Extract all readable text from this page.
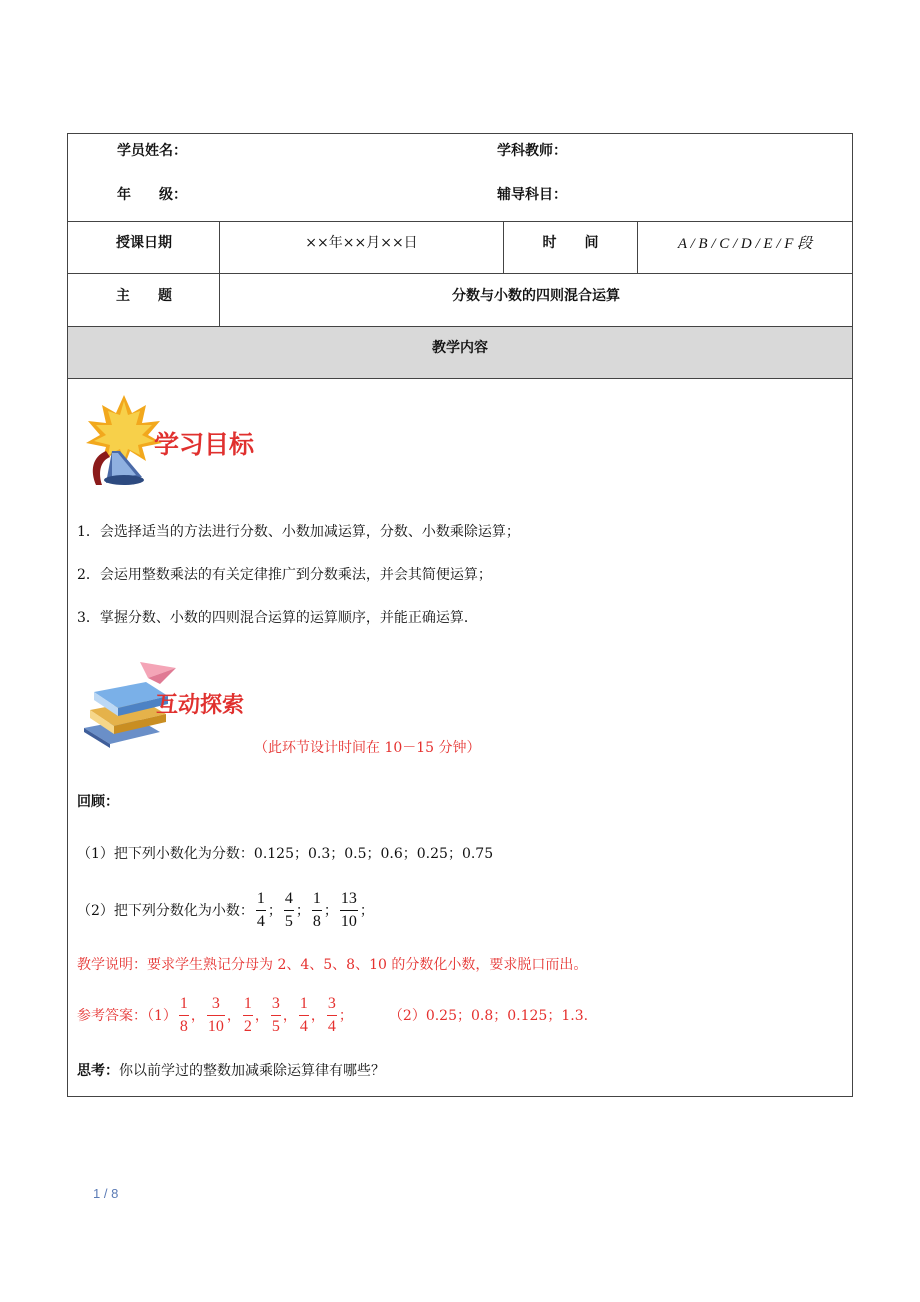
学员姓名：	学科教师：
年　　级：	辅导科目：
授课日期	××年××月××日	时　　间	A / B / C / D / E / F 段
主　　题	分数与小数的四则混合运算
教学内容
学习目标
1．会选择适当的方法进行分数、小数加减运算，分数、小数乘除运算；
2．会运用整数乘法的有关定律推广到分数乘法，并会其简便运算；
3．掌握分数、小数的四则混合运算的运算顺序，并能正确运算．
互动探索
（此环节设计时间在 10－15 分钟）
回顾：
（1）把下列小数化为分数：0.125；0.3；0.5；0.6；0.25；0.75
（2）把下列分数化为小数： $\frac{1}{4}$ ； $\frac{4}{5}$ ； $\frac{1}{8}$ ； $\frac{13}{10}$ ；
教学说明：要求学生熟记分母为 2、4、5、8、10 的分数化小数，要求脱口而出。
参考答案：$(1) \frac{1}{8}$ ， $\frac{3}{10}$ ， $\frac{1}{2}$ ， $\frac{3}{5}$ ， $\frac{1}{4}$ ， $\frac{3}{4}$ ；	（2）0.25；0.8；0.125；1.3.
思考：你以前学过的整数加减乘除运算律有哪些？
1 / 8
